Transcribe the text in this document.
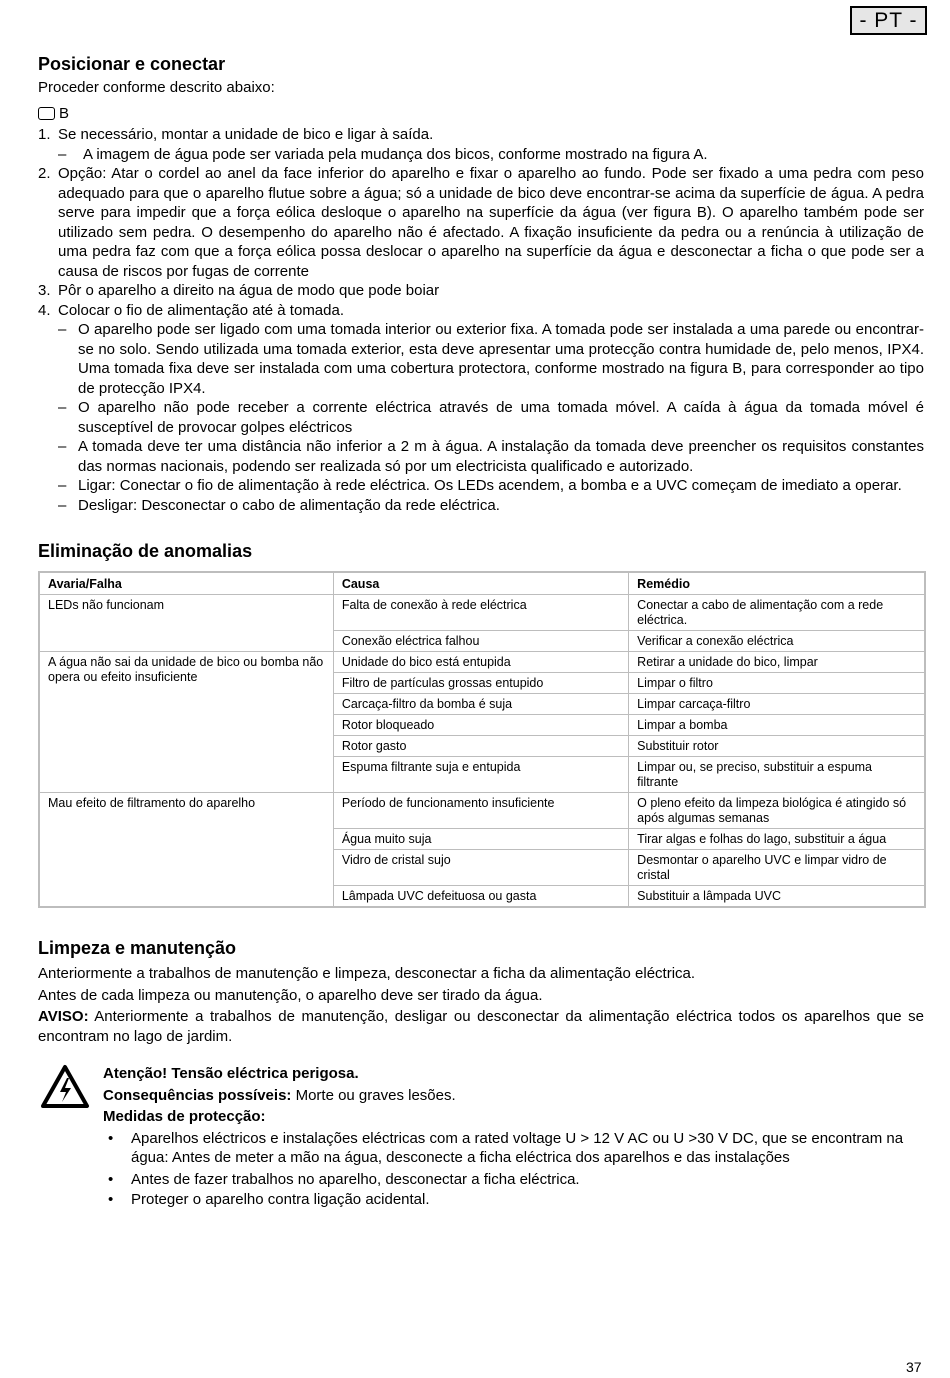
- PT -
Posicionar e conectar

Proceder conforme descrito abaixo:

B
1. Se necessário, montar a unidade de bico e ligar à saída.
–	A imagem de água pode ser variada pela mudança dos bicos, conforme mostrado na figura A.
2. Opção: Atar o cordel ao anel da face inferior do aparelho e fixar o aparelho ao fundo. Pode ser fixado a uma pedra com peso adequado para que o aparelho flutue sobre a água; só a unidade de bico deve encontrar-se acima da superfície de água. A pedra serve para impedir que a força eólica desloque o aparelho na superfície da água (ver figura B). O aparelho também pode ser utilizado sem pedra. O desempenho do aparelho não é afectado. A fixação insuficiente da pedra ou a renúncia à utilização de uma pedra faz com que a força eólica possa deslocar o aparelho na superfície da água e desconectar a ficha o que pode ser a causa de riscos por fugas de corrente
3. Pôr o aparelho a direito na água de modo que pode boiar
4. Colocar o fio de alimentação até à tomada.
– O aparelho pode ser ligado com uma tomada interior ou exterior fixa. A tomada pode ser instalada a uma parede ou encontrar-se no solo. Sendo utilizada uma tomada exterior, esta deve apresentar uma protecção contra humidade de, pelo menos, IPX4. Uma tomada fixa deve ser instalada com uma cobertura protectora, conforme mostrado na figura B, para corresponder ao tipo de protecção IPX4.
– O aparelho não pode receber a corrente eléctrica através de uma tomada móvel. A caída à água da tomada móvel é susceptível de provocar golpes eléctricos
– A tomada deve ter uma distância não inferior a 2 m à água. A instalação da tomada deve preencher os requisitos constantes das normas nacionais, podendo ser realizada só por um electricista qualificado e autorizado.
– Ligar: Conectar o fio de alimentação à rede eléctrica. Os LEDs acendem, a bomba e a UVC começam de imediato a operar.
– Desligar: Desconectar o cabo de alimentação da rede eléctrica.
Eliminação de anomalias
Avaria/Falha	Causa	Remédio
LEDs não funcionam	Falta de conexão à rede eléctrica	Conectar a cabo de alimentação com a rede eléctrica.
	Conexão eléctrica falhou	Verificar a conexão eléctrica
A água não sai da unidade de bico ou bomba não opera ou efeito insuficiente	Unidade do bico está entupida	Retirar a unidade do bico, limpar
	Filtro de partículas grossas entupido	Limpar o filtro
	Carcaça-filtro da bomba é suja	Limpar carcaça-filtro
	Rotor bloqueado	Limpar a bomba
	Rotor gasto	Substituir rotor
	Espuma filtrante suja e entupida	Limpar ou, se preciso, substituir a espuma filtrante
Mau efeito de filtramento do aparelho	Período de funcionamento insuficiente	O pleno efeito da limpeza biológica é atingido só após algumas semanas
	Água muito suja	Tirar algas e folhas do lago, substituir a água
	Vidro de cristal sujo	Desmontar o aparelho UVC e limpar vidro de cristal
	Lâmpada UVC defeituosa ou gasta	Substituir a lâmpada UVC
Limpeza e manutenção

Anteriormente a trabalhos de manutenção e limpeza, desconectar a ficha da alimentação eléctrica.

Antes de cada limpeza ou manutenção, o aparelho deve ser tirado da água.

AVISO: Anteriormente a trabalhos de manutenção, desligar ou desconectar da alimentação eléctrica todos os aparelhos que se encontram no lago de jardim.

Atenção! Tensão eléctrica perigosa.

Consequências possíveis: Morte ou graves lesões.

Medidas de protecção:

•	Aparelhos eléctricos e instalações eléctricas com a rated voltage U > 12 V AC ou U >30 V DC, que se encontram na água: Antes de meter a mão na água, desconecte a ficha eléctrica dos aparelhos e das instalações
•	Antes de fazer trabalhos no aparelho, desconectar a ficha eléctrica.
•	Proteger o aparelho contra ligação acidental.
37
